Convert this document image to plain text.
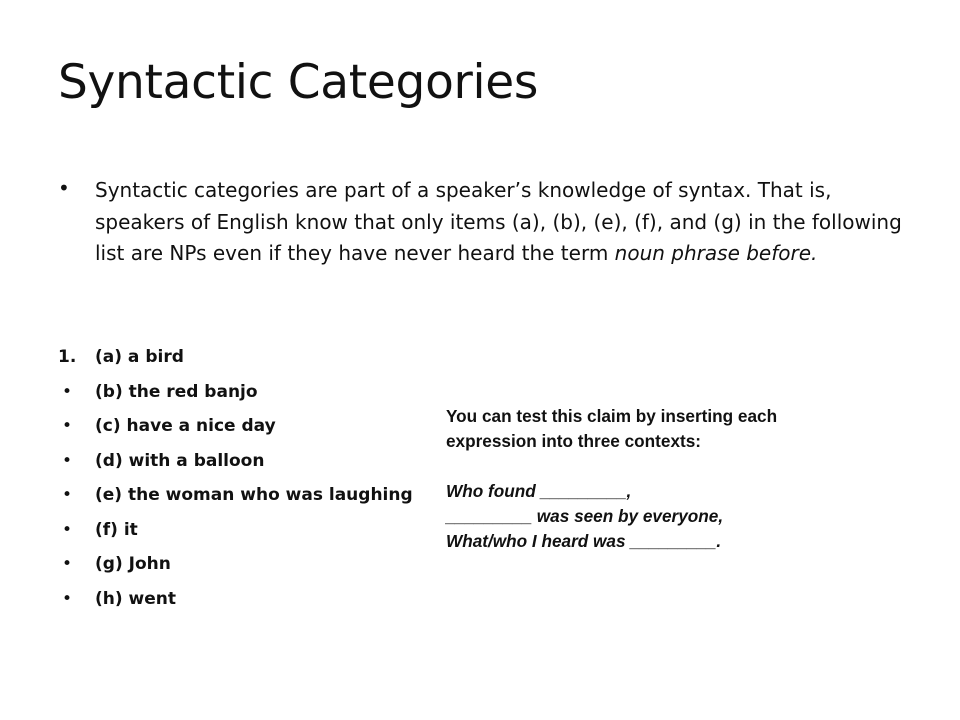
Syntactic Categories
• Syntactic categories are part of a speaker’s knowledge of syntax. That is, speakers of English know that only items (a), (b), (e), (f), and (g) in the following list are NPs even if they have never heard the term noun phrase before.
1.	(a) a bird
• (b) the red banjo
• (c) have a nice day
• (d) with a balloon
• (e) the woman who was laughing
• (f) it
• (g) John
• (h) went
You can test this claim by inserting each
expression into three contexts:
Who found _________,
_________ was seen by everyone,
What/who I heard was _________.
